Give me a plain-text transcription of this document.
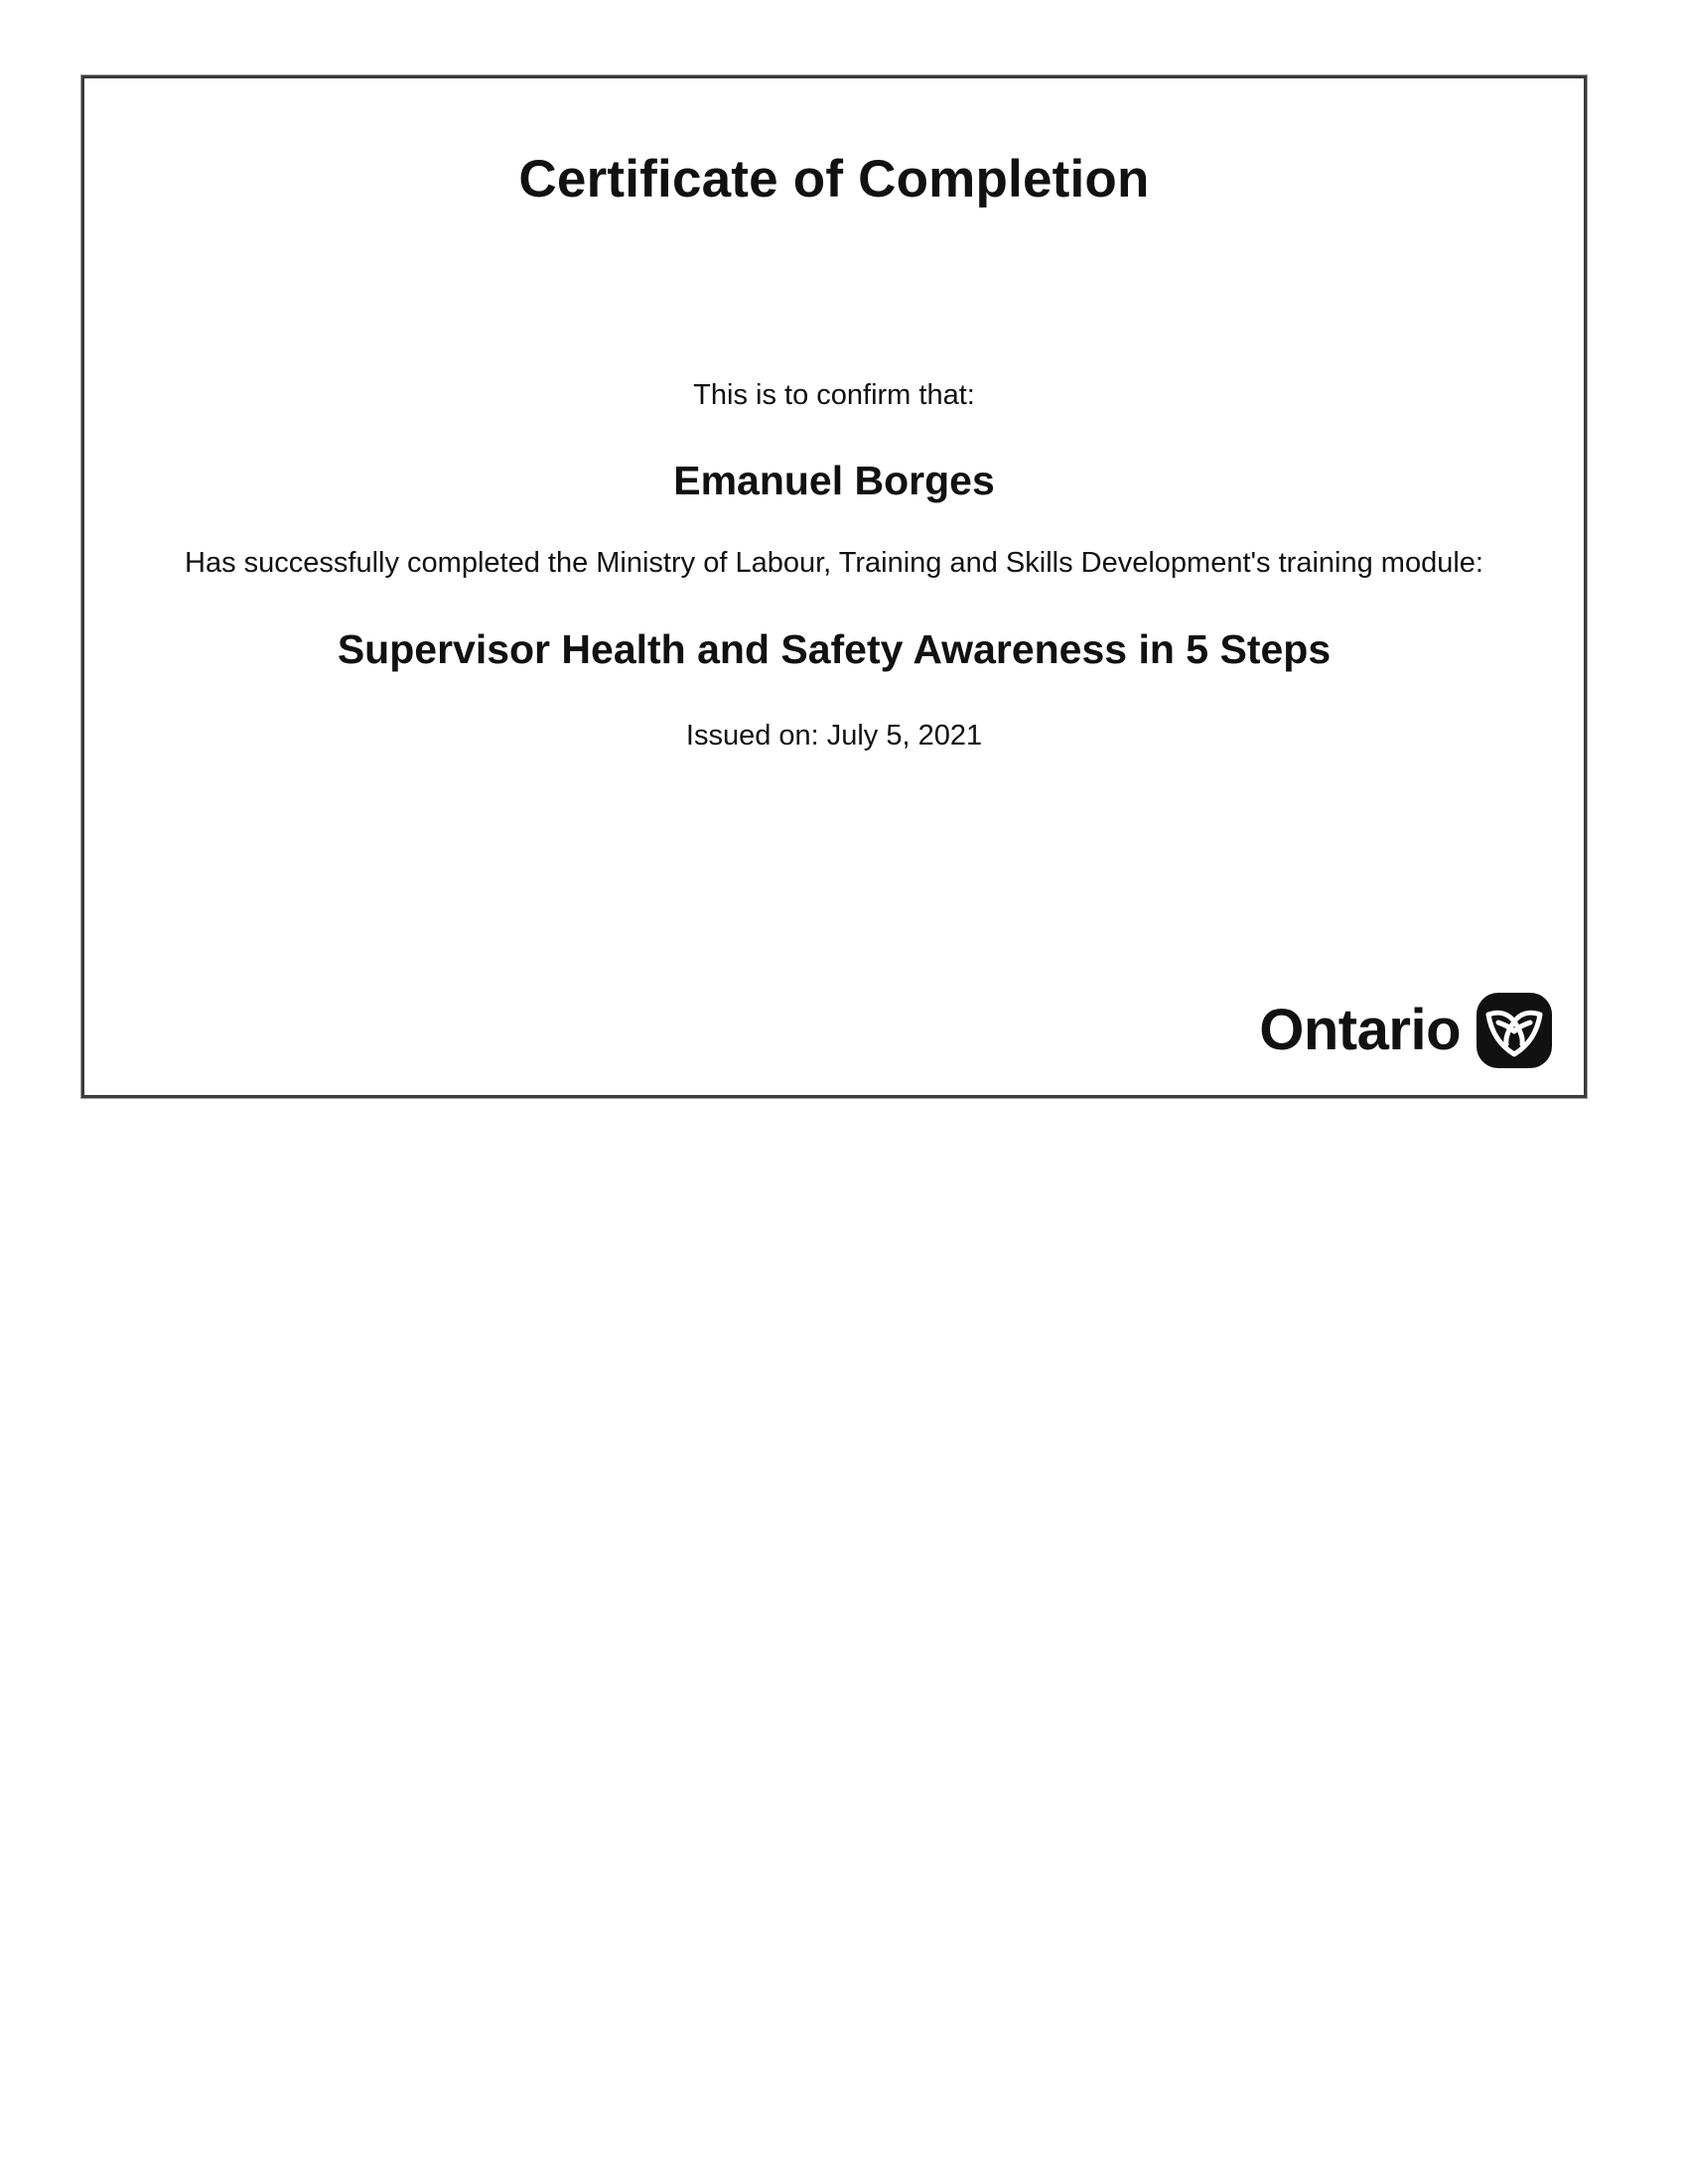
Certificate of Completion

This is to confirm that:

Emanuel Borges

Has successfully completed the Ministry of Labour, Training and Skills Development's training module:

Supervisor Health and Safety Awareness in 5 Steps

Issued on: July 5, 2021

Ontario
